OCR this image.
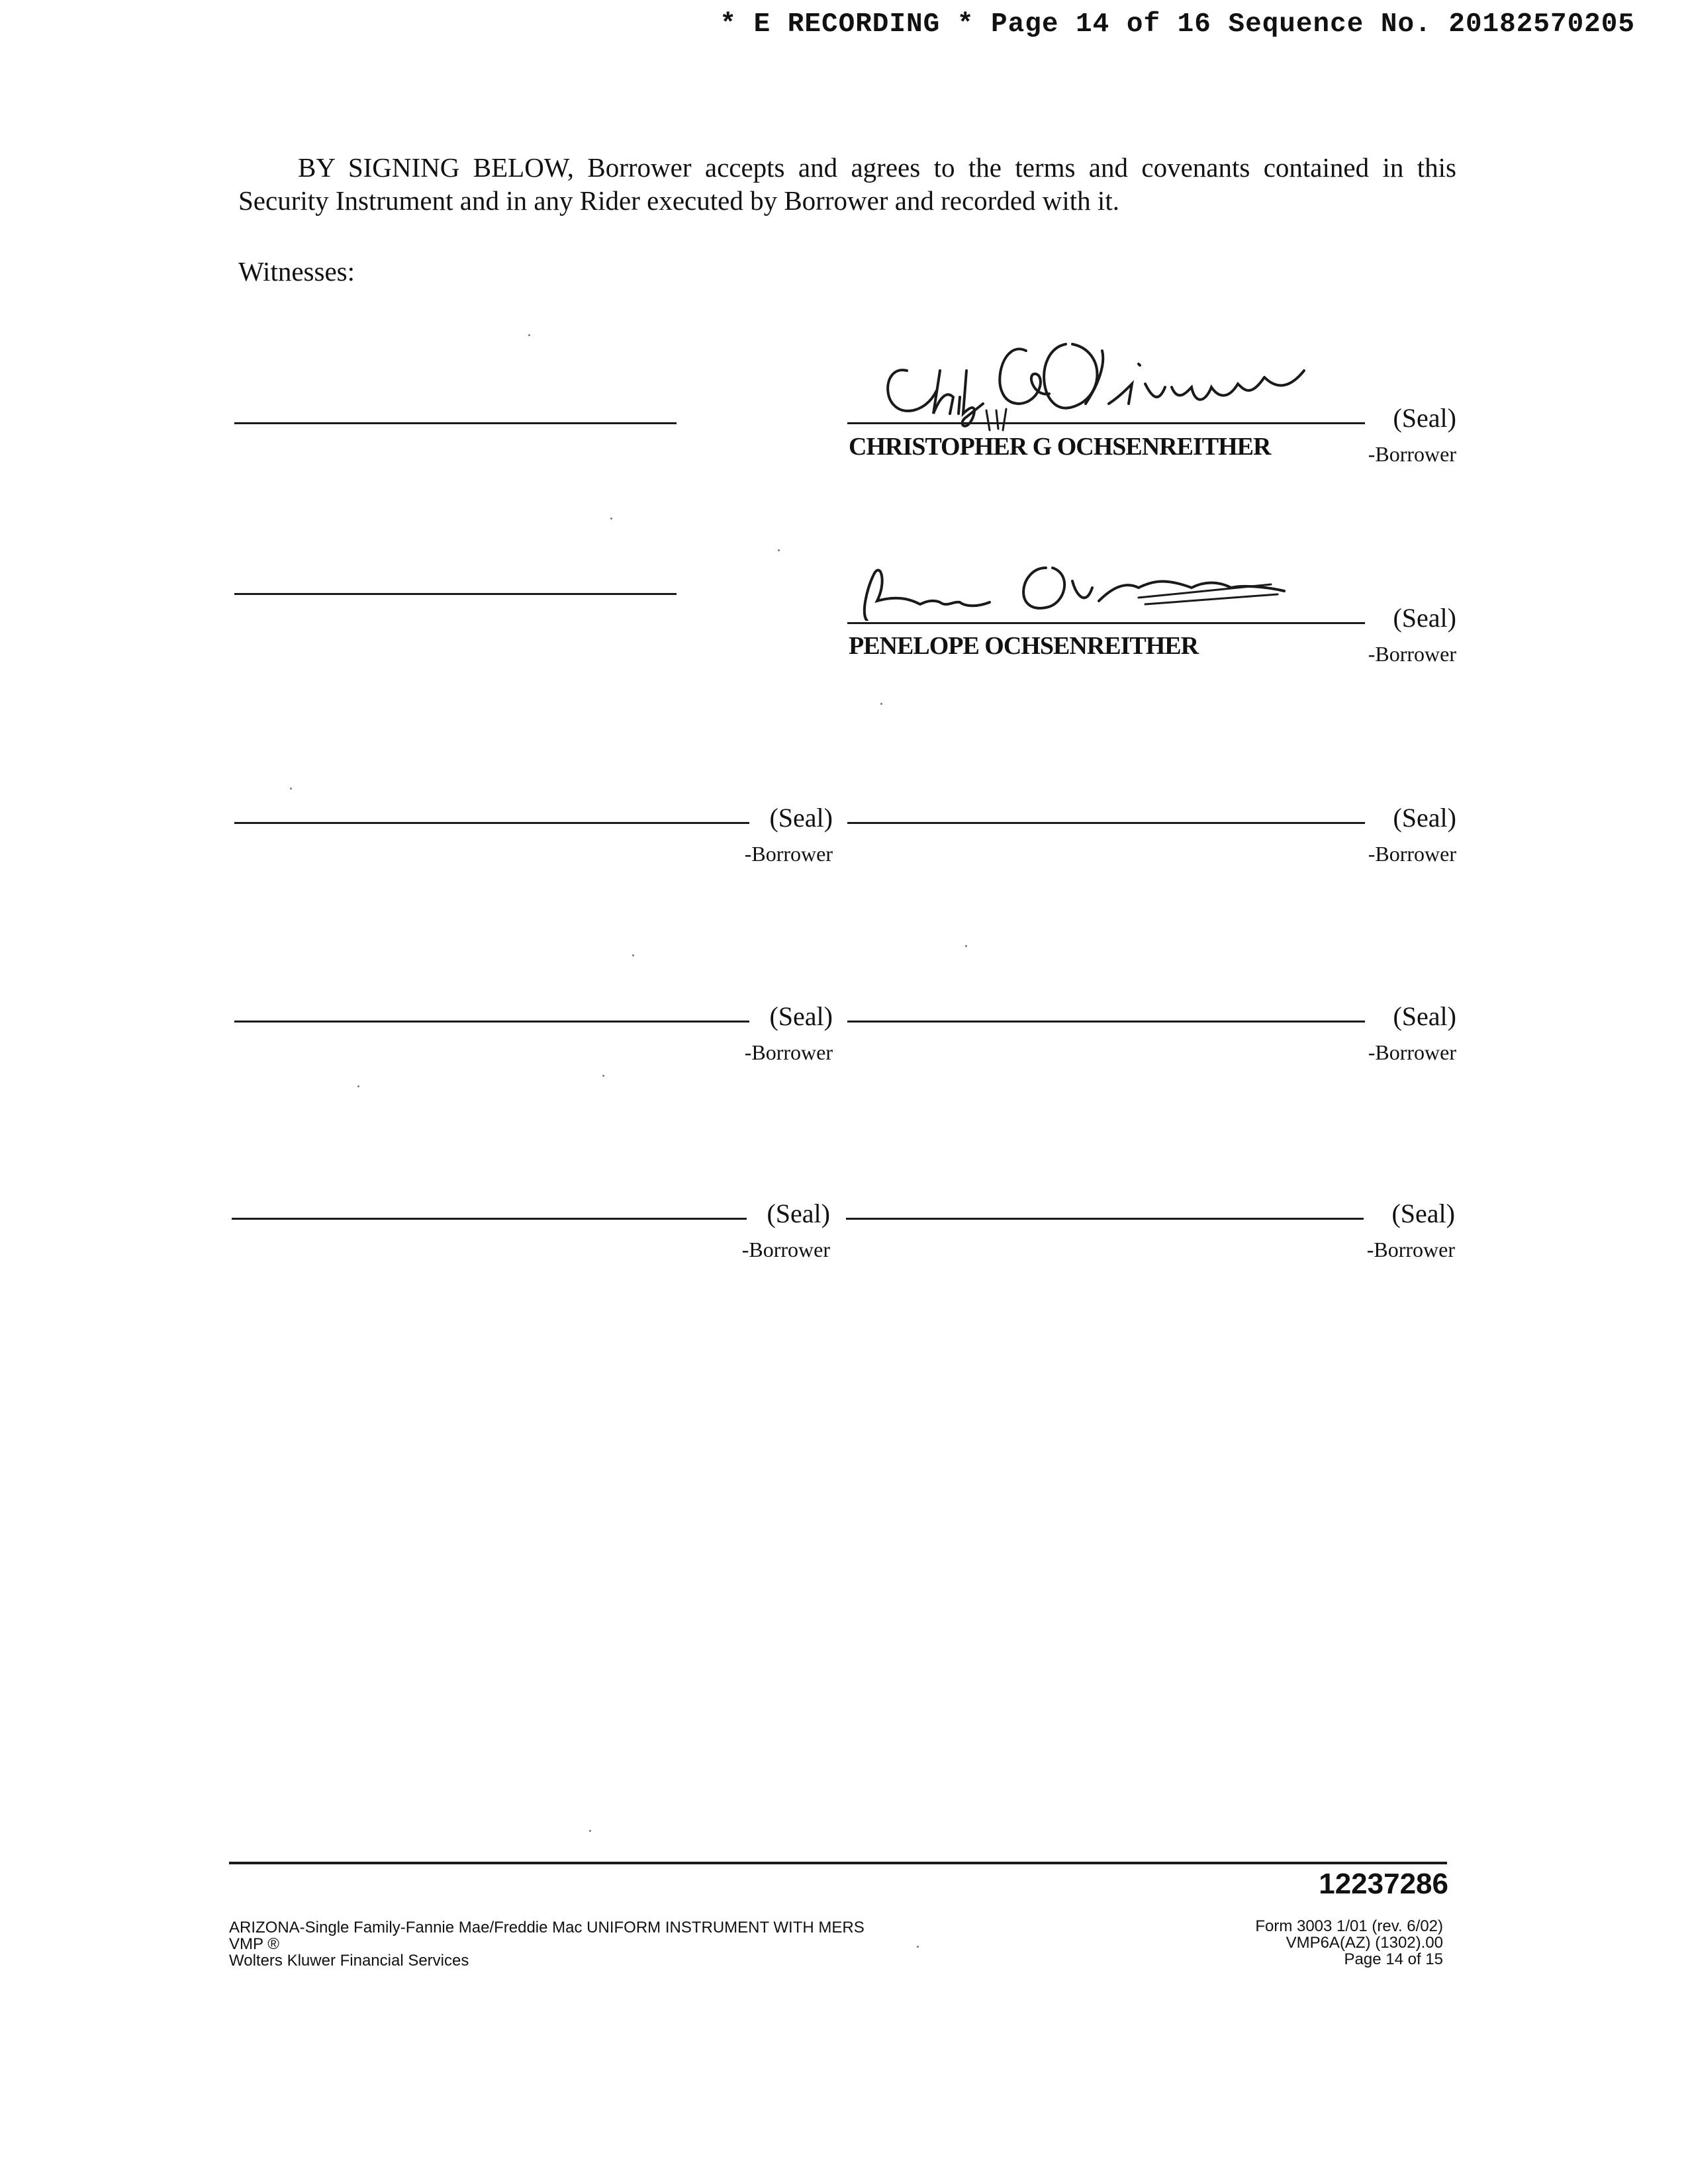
* E RECORDING * Page 14 of 16 Sequence No. 20182570205
BY SIGNING BELOW, Borrower accepts and agrees to the terms and covenants contained in this Security Instrument and in any Rider executed by Borrower and recorded with it.
Witnesses:
(Seal)
CHRISTOPHER G OCHSENREITHER	-Borrower
(Seal)
PENELOPE OCHSENREITHER	-Borrower
(Seal)
-Borrower
(Seal)
-Borrower
(Seal)
-Borrower
(Seal)
-Borrower
(Seal)
-Borrower
(Seal)
-Borrower
12237286
ARIZONA-Single Family-Fannie Mae/Freddie Mac UNIFORM INSTRUMENT WITH MERS
VMP ®
Wolters Kluwer Financial Services
Form 3003 1/01 (rev. 6/02)
VMP6A(AZ) (1302).00
Page 14 of 15
